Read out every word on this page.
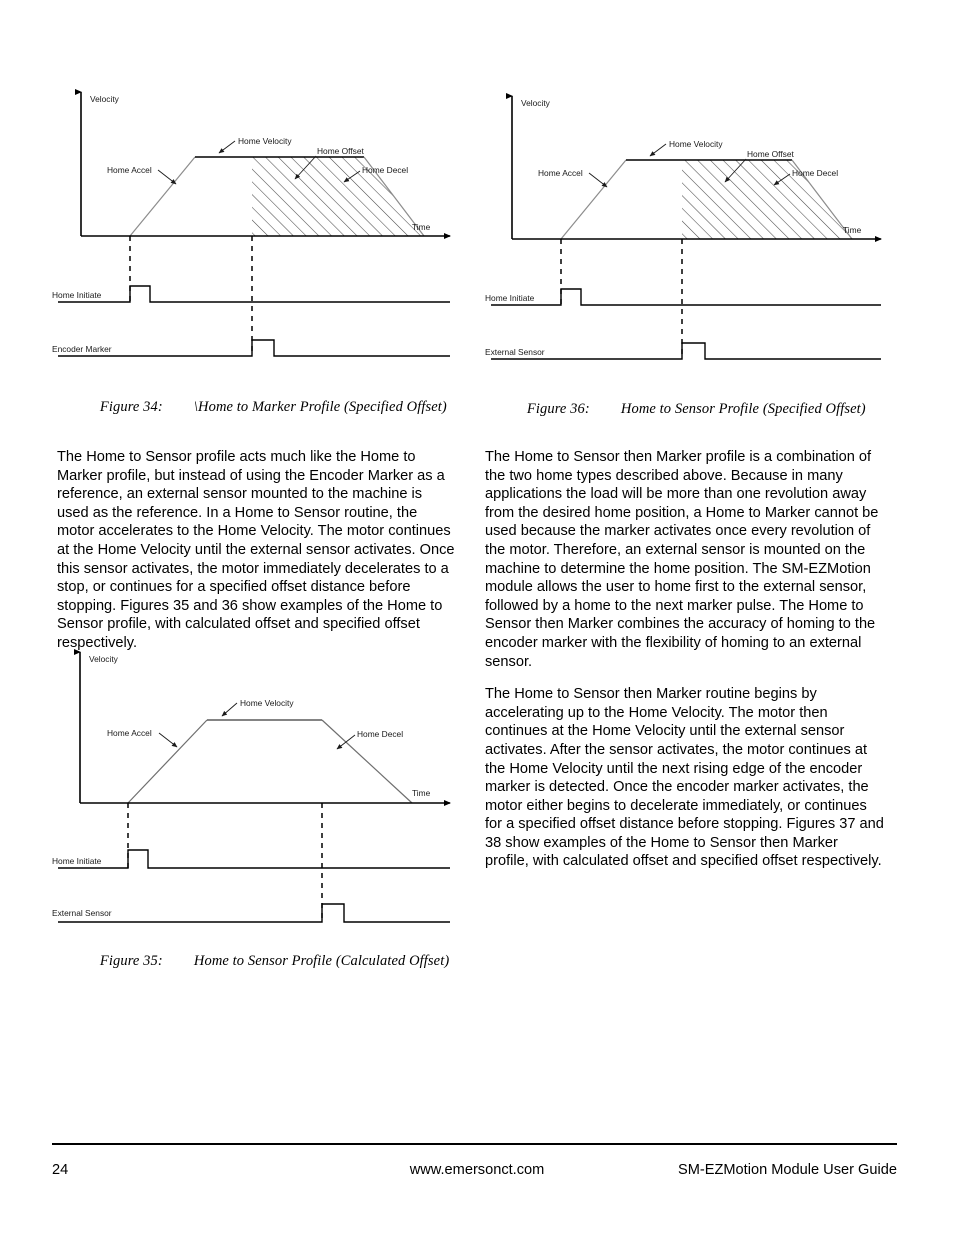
Velocity
Time
Home Accel
Home Velocity
Home Offset
Home Decel
Home Initiate
Encoder Marker

Figure 34: \Home to Marker Profile (Specified Offset)

Velocity
Time
Home Accel
Home Velocity
Home Offset
Home Decel
Home Initiate
External Sensor

Figure 36: Home to Sensor Profile (Specified Offset)

The Home to Sensor profile acts much like the Home to Marker profile, but instead of using the Encoder Marker as a reference, an external sensor mounted to the machine is used as the reference. In a Home to Sensor routine, the motor accelerates to the Home Velocity. The motor continues at the Home Velocity until the external sensor activates. Once this sensor activates, the motor immediately decelerates to a stop, or continues for a specified offset distance before stopping. Figures 35 and 36 show examples of the Home to Sensor profile, with calculated offset and specified offset respectively.

The Home to Sensor then Marker profile is a combination of the two home types described above. Because in many applications the load will be more than one revolution away from the desired home position, a Home to Marker cannot be used because the marker activates once every revolution of the motor. Therefore, an external sensor is mounted on the machine to determine the home position. The SM-EZMotion module allows the user to home first to the external sensor, followed by a home to the next marker pulse. The Home to Sensor then Marker combines the accuracy of homing to the encoder marker with the flexibility of homing to an external sensor.

The Home to Sensor then Marker routine begins by accelerating up to the Home Velocity. The motor then continues at the Home Velocity until the external sensor activates. After the sensor activates, the motor continues at the Home Velocity until the next rising edge of the encoder marker is detected. Once the encoder marker activates, the motor either begins to decelerate immediately, or continues for a specified offset distance before stopping. Figures 37 and 38 show examples of the Home to Sensor then Marker profile, with calculated offset and specified offset respectively.

Velocity
Time
Home Accel
Home Velocity
Home Decel
Home Initiate
External Sensor

Figure 35: Home to Sensor Profile (Calculated Offset)

24	www.emersonct.com	SM-EZMotion Module User Guide
